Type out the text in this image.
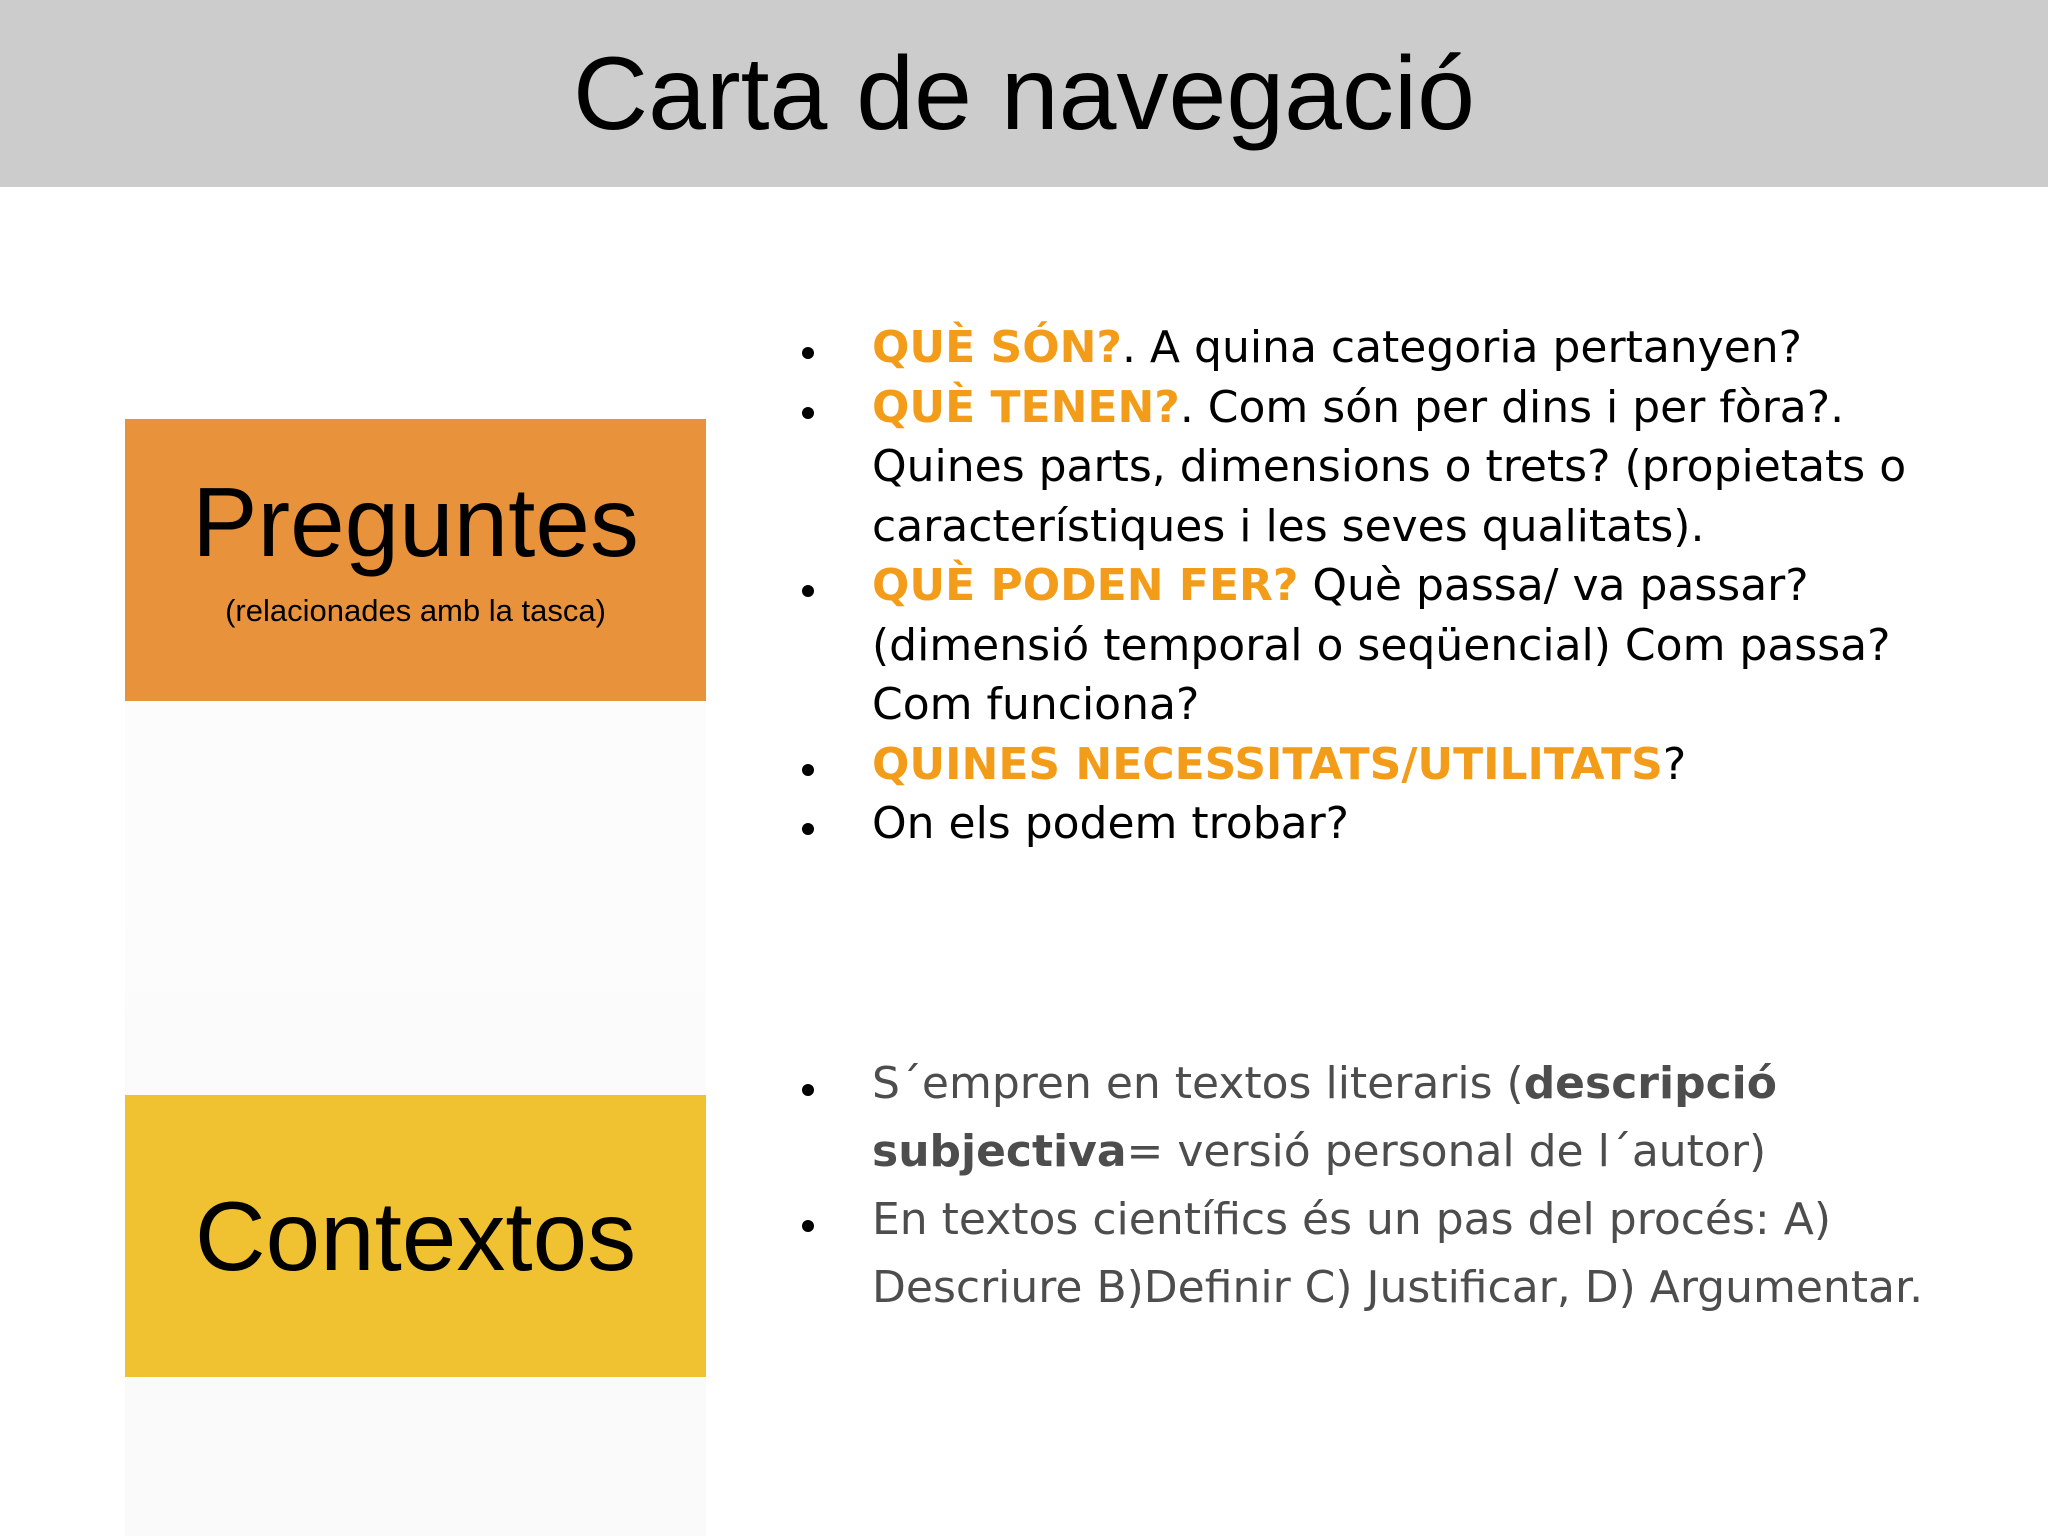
Carta de navegació
Preguntes
(relacionades amb la tasca)
QUÈ SÓN?. A quina categoria pertanyen?
QUÈ TENEN?. Com són per dins i per fòra?. Quines parts, dimensions o trets? (propietats o característiques i les seves qualitats).
QUÈ PODEN FER? Què passa/ va passar? (dimensió temporal o seqüencial) Com passa? Com funciona?
QUINES NECESSITATS/UTILITATS?
On els podem trobar?
Contextos
S´empren en textos literaris (descripció subjectiva= versió personal de l´autor)
En textos científics és un pas del procés: A) Descriure B)Definir C) Justificar, D) Argumentar.
